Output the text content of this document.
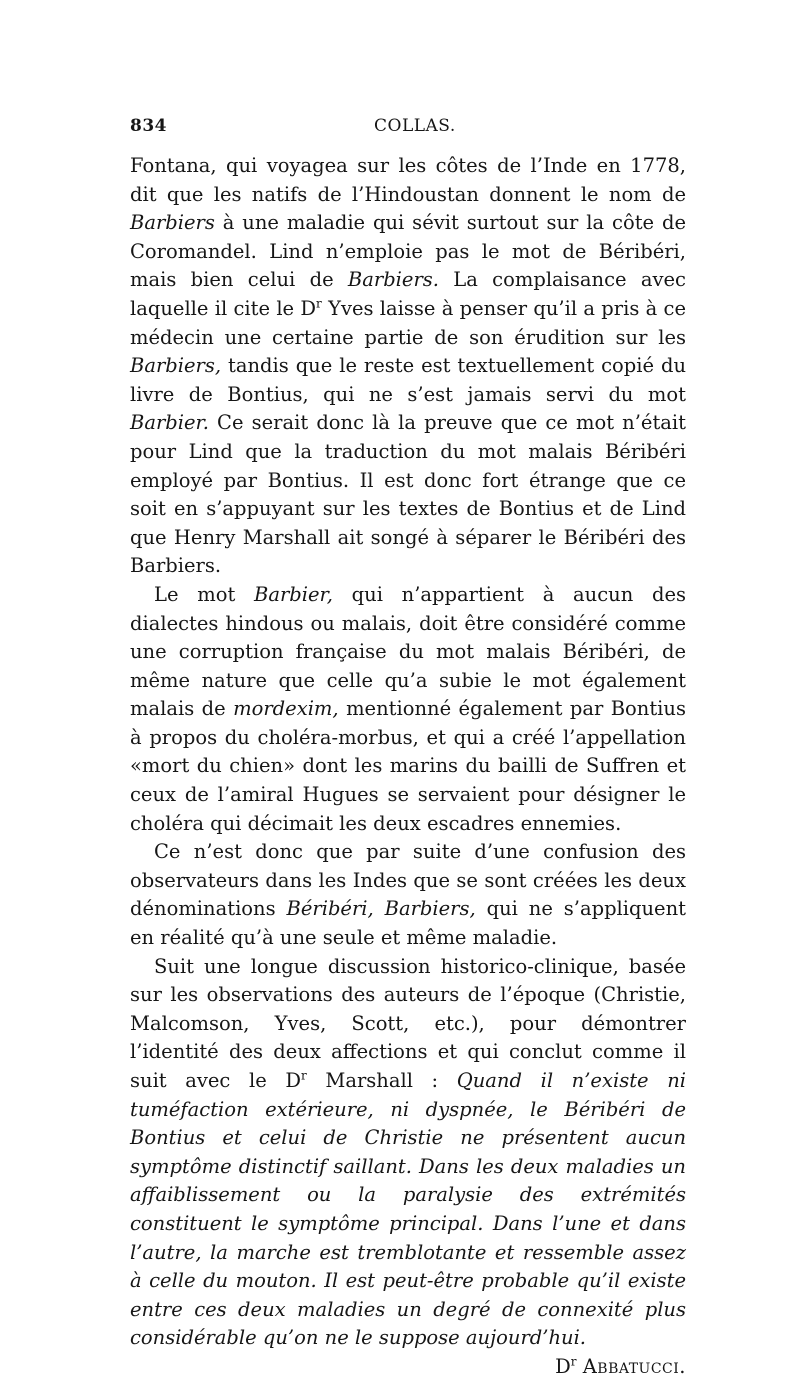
834	COLLAS.

Fontana, qui voyagea sur les côtes de l’Inde en 1778, dit que les natifs de l’Hindoustan donnent le nom de Barbiers à une maladie qui sévit surtout sur la côte de Coromandel. Lind n’emploie pas le mot de Béribéri, mais bien celui de Barbiers. La complaisance avec laquelle il cite le $D^r$ Yves laisse à penser qu’il a pris à ce médecin une certaine partie de son érudition sur les Barbiers, tandis que le reste est textuellement copié du livre de Bontius, qui ne s’est jamais servi du mot Barbier. Ce serait donc là la preuve que ce mot n’était pour Lind que la traduction du mot malais Béribéri employé par Bontius. Il est donc fort étrange que ce soit en s’appuyant sur les textes de Bontius et de Lind que Henry Marshall ait songé à séparer le Béribéri des Barbiers.

Le mot Barbier, qui n’appartient à aucun des dialectes hindous ou malais, doit être considéré comme une corruption française du mot malais Béribéri, de même nature que celle qu’a subie le mot également malais de mordexim, mentionné également par Bontius à propos du choléra-morbus, et qui a créé l’appellation «mort du chien» dont les marins du bailli de Suffren et ceux de l’amiral Hugues se servaient pour désigner le choléra qui décimait les deux escadres ennemies.

Ce n’est donc que par suite d’une confusion des observateurs dans les Indes que se sont créées les deux dénominations Béribéri, Barbiers, qui ne s’appliquent en réalité qu’à une seule et même maladie.

Suit une longue discussion historico-clinique, basée sur les observations des auteurs de l’époque (Christie, Malcomson, Yves, Scott, etc.), pour démontrer l’identité des deux affections et qui conclut comme il suit avec le $D^r$ Marshall : Quand il n’existe ni tuméfaction extérieure, ni dyspnée, le Béribéri de Bontius et celui de Christie ne présentent aucun symptôme distinctif saillant. Dans les deux maladies un affaiblissement ou la paralysie des extrémités constituent le symptôme principal. Dans l’une et dans l’autre, la marche est tremblotante et ressemble assez à celle du mouton. Il est peut-être probable qu’il existe entre ces deux maladies un degré de connexité plus considérable qu’on ne le suppose aujourd’hui.

$D^r$ Abbatucci.
